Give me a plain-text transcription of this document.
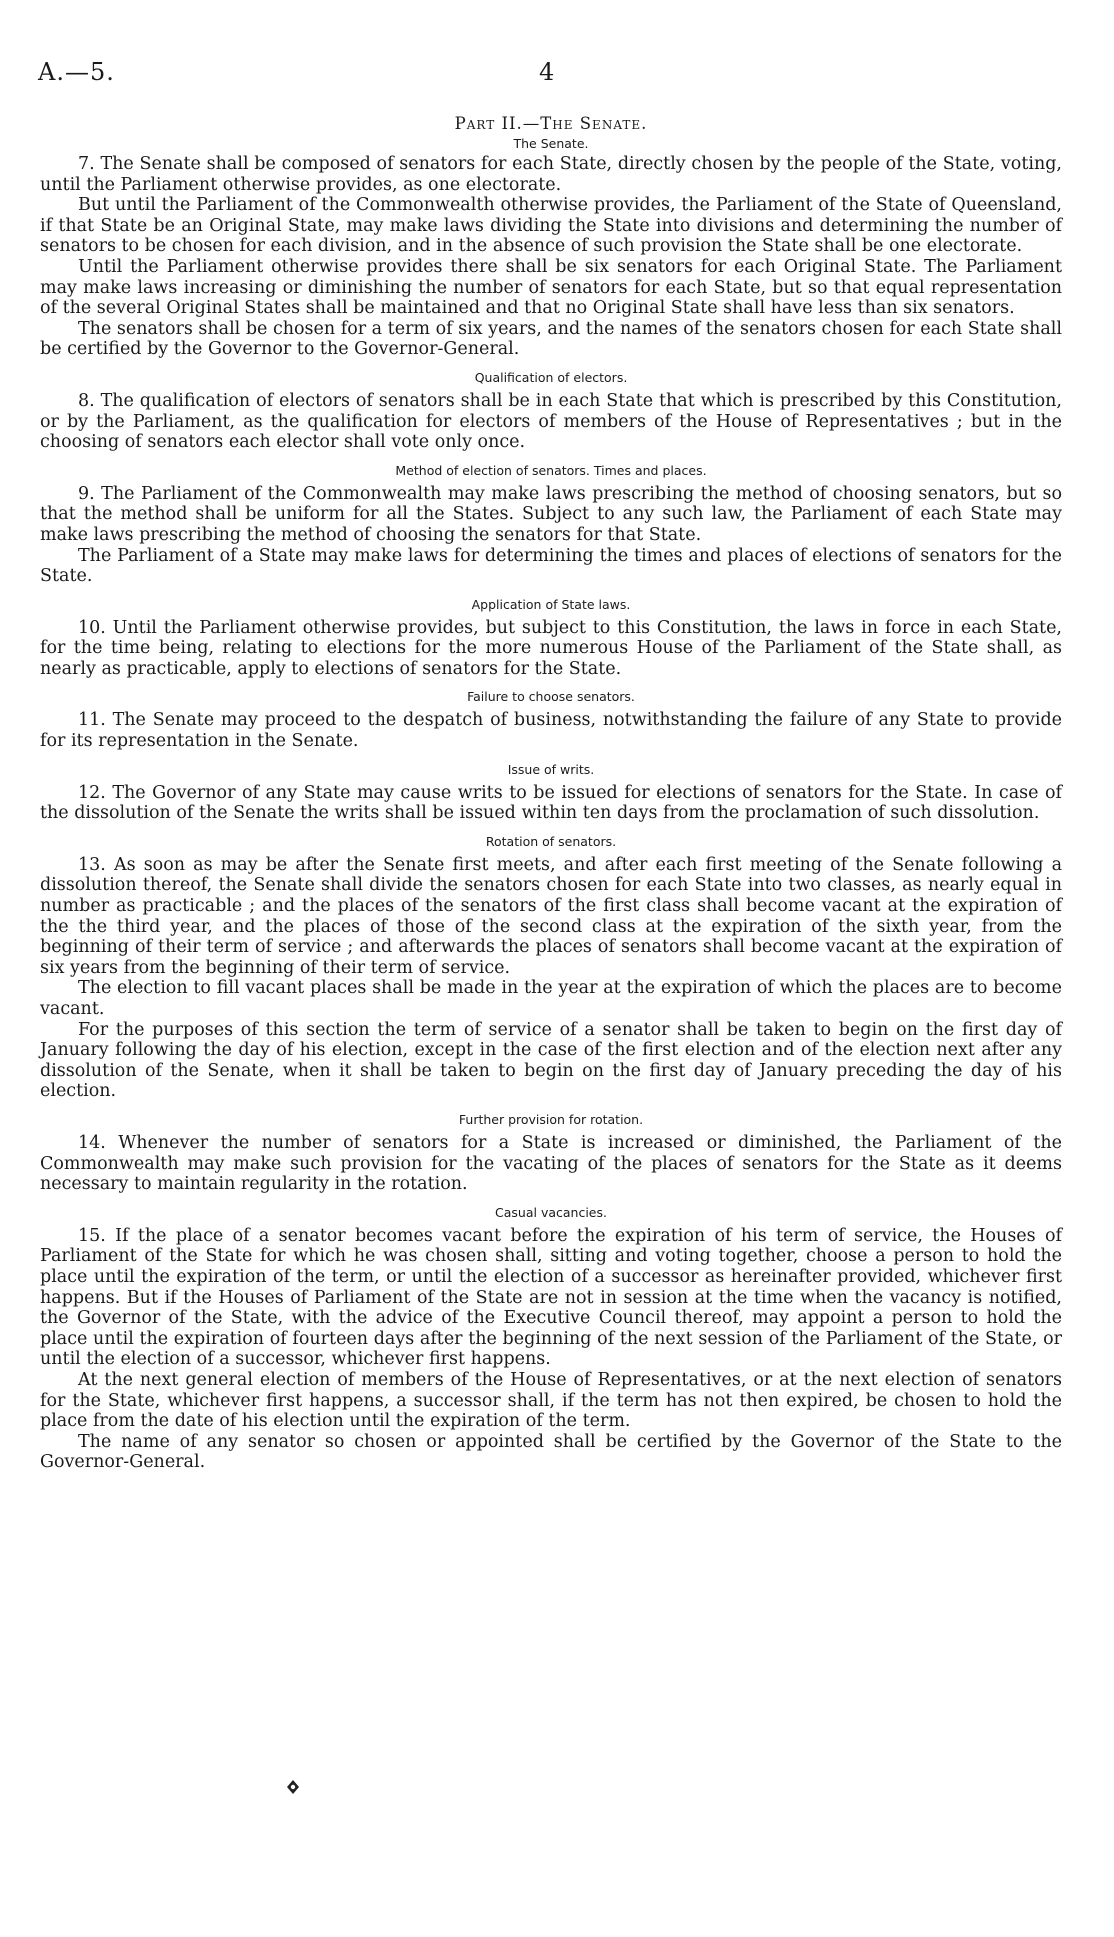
A.—5.	4
Part II.—The Senate.
The Senate.

7. The Senate shall be composed of senators for each State, directly chosen by the people of the State, voting, until the Parliament otherwise provides, as one electorate.

But until the Parliament of the Commonwealth otherwise provides, the Parliament of the State of Queensland, if that State be an Original State, may make laws dividing the State into divisions and determining the number of senators to be chosen for each division, and in the absence of such provision the State shall be one electorate.

Until the Parliament otherwise provides there shall be six senators for each Original State. The Parliament may make laws increasing or diminishing the number of senators for each State, but so that equal representation of the several Original States shall be maintained and that no Original State shall have less than six senators.

The senators shall be chosen for a term of six years, and the names of the senators chosen for each State shall be certified by the Governor to the Governor-General.

Qualification of electors.

8. The qualification of electors of senators shall be in each State that which is prescribed by this Constitution, or by the Parliament, as the qualification for electors of members of the House of Representatives ; but in the choosing of senators each elector shall vote only once.

Method of election of senators. Times and places.

9. The Parliament of the Commonwealth may make laws prescribing the method of choosing senators, but so that the method shall be uniform for all the States. Subject to any such law, the Parliament of each State may make laws prescribing the method of choosing the senators for that State.

The Parliament of a State may make laws for determining the times and places of elections of senators for the State.

Application of State laws.

10. Until the Parliament otherwise provides, but subject to this Constitution, the laws in force in each State, for the time being, relating to elections for the more numerous House of the Parliament of the State shall, as nearly as practicable, apply to elections of senators for the State.

Failure to choose senators.

11. The Senate may proceed to the despatch of business, notwithstanding the failure of any State to provide for its representation in the Senate.

Issue of writs.

12. The Governor of any State may cause writs to be issued for elections of senators for the State. In case of the dissolution of the Senate the writs shall be issued within ten days from the proclamation of such dissolution.

Rotation of senators.

13. As soon as may be after the Senate first meets, and after each first meeting of the Senate following a dissolution thereof, the Senate shall divide the senators chosen for each State into two classes, as nearly equal in number as practicable ; and the places of the senators of the first class shall become vacant at the expiration of the the third year, and the places of those of the second class at the expiration of the sixth year, from the beginning of their term of service ; and afterwards the places of senators shall become vacant at the expiration of six years from the beginning of their term of service.

The election to fill vacant places shall be made in the year at the expiration of which the places are to become vacant.

For the purposes of this section the term of service of a senator shall be taken to begin on the first day of January following the day of his election, except in the case of the first election and of the election next after any dissolution of the Senate, when it shall be taken to begin on the first day of January preceding the day of his election.

Further provision for rotation.

14. Whenever the number of senators for a State is increased or diminished, the Parliament of the Commonwealth may make such provision for the vacating of the places of senators for the State as it deems necessary to maintain regularity in the rotation.

Casual vacancies.

15. If the place of a senator becomes vacant before the expiration of his term of service, the Houses of Parliament of the State for which he was chosen shall, sitting and voting together, choose a person to hold the place until the expiration of the term, or until the election of a successor as hereinafter provided, whichever first happens. But if the Houses of Parliament of the State are not in session at the time when the vacancy is notified, the Governor of the State, with the advice of the Executive Council thereof, may appoint a person to hold the place until the expiration of fourteen days after the beginning of the next session of the Parliament of the State, or until the election of a successor, whichever first happens.

At the next general election of members of the House of Representatives, or at the next election of senators for the State, whichever first happens, a successor shall, if the term has not then expired, be chosen to hold the place from the date of his election until the expiration of the term.

The name of any senator so chosen or appointed shall be certified by the Governor of the State to the Governor-General.
